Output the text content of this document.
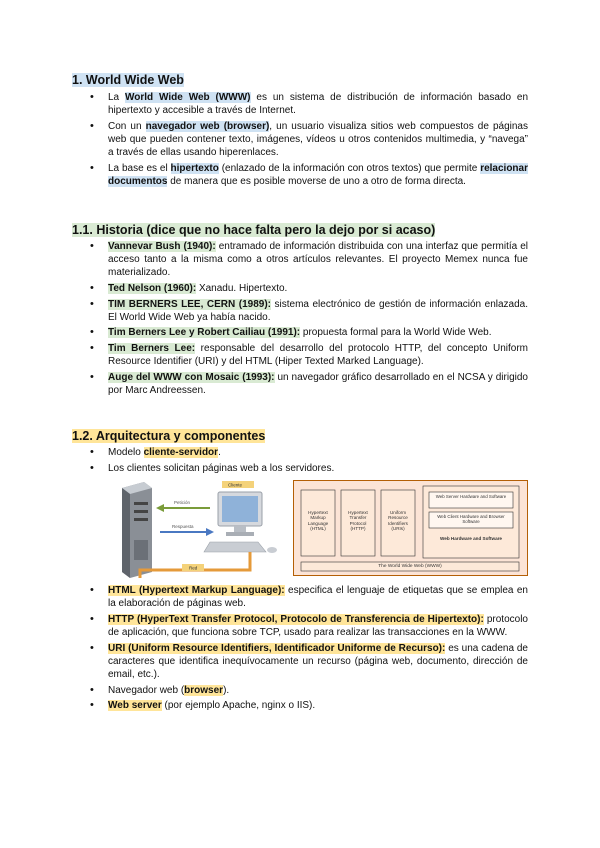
1. World Wide Web
• La World Wide Web (WWW) es un sistema de distribución de información basado en hipertexto y accesible a través de Internet.
• Con un navegador web (browser), un usuario visualiza sitios web compuestos de páginas web que pueden contener texto, imágenes, vídeos u otros contenidos multimedia, y “navega” a través de ellas usando hiperenlaces.
• La base es el hipertexto (enlazado de la información con otros textos) que permite relacionar documentos de manera que es posible moverse de uno a otro de forma directa.
1.1. Historia (dice que no hace falta pero la dejo por si acaso)
• Vannevar Bush (1940): entramado de información distribuida con una interfaz que permitía el acceso tanto a la misma como a otros artículos relevantes. El proyecto Memex nunca fue materializado.
• Ted Nelson (1960): Xanadu. Hipertexto.
• TIM BERNERS LEE, CERN (1989): sistema electrónico de gestión de información enlazada. El World Wide Web ya había nacido.
• Tim Berners Lee y Robert Cailiau (1991): propuesta formal para la World Wide Web.
• Tim Berners Lee: responsable del desarrollo del protocolo HTTP, del concepto Uniform Resource Identifier (URI) y del HTML (Hiper Texted Marked Language).
• Auge del WWW con Mosaic (1993): un navegador gráfico desarrollado en el NCSA y dirigido por Marc Andreessen.
1.2. Arquitectura y componentes
• Modelo cliente-servidor.
• Los clientes solicitan páginas web a los servidores.
Petición
Respuesta
Cliente
Red
Hypertext Markup Language (HTML)
Hypertext Transfer Protocol (HTTP)
Uniform Resource Identifiers (URIs)
Web Server Hardware and Software
Web Client Hardware and Browser Software
Web Hardware and Software
The World Wide Web (WWW)
• HTML (Hypertext Markup Language): especifica el lenguaje de etiquetas que se emplea en la elaboración de páginas web.
• HTTP (HyperText Transfer Protocol, Protocolo de Transferencia de Hipertexto): protocolo de aplicación, que funciona sobre TCP, usado para realizar las transacciones en la WWW.
• URI (Uniform Resource Identifiers, Identificador Uniforme de Recurso): es una cadena de caracteres que identifica inequívocamente un recurso (página web, documento, dirección de email, etc.).
• Navegador web (browser).
• Web server (por ejemplo Apache, nginx o IIS).
